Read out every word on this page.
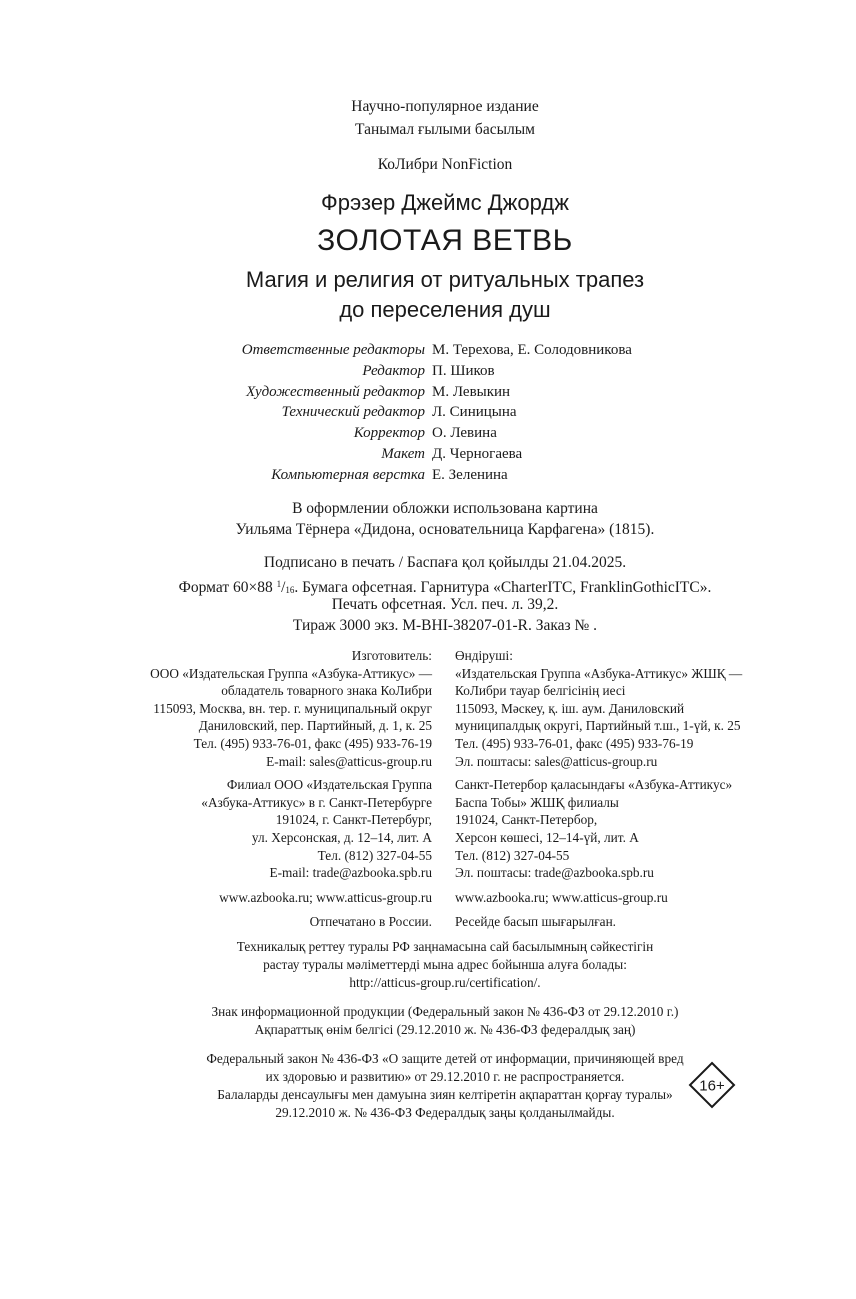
Научно-популярное издание
Танымал ғылыми басылым
КоЛибри NonFiction
Фрэзер Джеймс Джордж
ЗОЛОТАЯ ВЕТВЬ
Магия и религия от ритуальных трапез
до переселения душ
Ответственные редакторы М. Терехова, Е. Солодовникова
Редактор П. Шиков
Художественный редактор М. Левыкин
Технический редактор Л. Синицына
Корректор О. Левина
Макет Д. Черногаева
Компьютерная верстка Е. Зеленина
В оформлении обложки использована картина
Уильяма Тёрнера «Дидона, основательница Карфагена» (1815).
Подписано в печать / Баспаға қол қойылды 21.04.2025.
Формат 60×88 $^1/_{16}$. Бумага офсетная. Гарнитура «CharterITC, FranklinGothicITC».
Печать офсетная. Усл. печ. л. 39,2.
Тираж 3000 экз. М-BHI-38207-01-R. Заказ № .
Изготовитель:
ООО «Издательская Группа «Азбука-Аттикус» —
обладатель товарного знака КоЛибри
115093, Москва, вн. тер. г. муниципальный округ
Даниловский, пер. Партийный, д. 1, к. 25
Тел. (495) 933-76-01, факс (495) 933-76-19
E-mail: sales@atticus-group.ru
Филиал ООО «Издательская Группа
«Азбука-Аттикус» в г. Санкт-Петербурге
191024, г. Санкт-Петербург,
ул. Херсонская, д. 12–14, лит. А
Тел. (812) 327-04-55
E-mail: trade@azbooka.spb.ru
www.azbooka.ru; www.atticus-group.ru
Отпечатано в России.
Өндіруші:
«Издательская Группа «Азбука-Аттикус» ЖШҚ —
КоЛибри тауар белгісінің иесі
115093, Мәскеу, қ. іш. аум. Даниловский
муниципалдық округі, Партийный т.ш., 1-үй, к. 25
Тел. (495) 933-76-01, факс (495) 933-76-19
Эл. поштасы: sales@atticus-group.ru
Санкт-Петербор қаласындағы «Азбука-Аттикус»
Баспа Тобы» ЖШҚ филиалы
191024, Санкт-Петербор,
Херсон көшесі, 12–14-үй, лит. А
Тел. (812) 327-04-55
Эл. поштасы: trade@azbooka.spb.ru
www.azbooka.ru; www.atticus-group.ru
Ресейде басып шығарылған.
Техникалық реттеу туралы РФ заңнамасына сай басылымның сәйкестігін
растау туралы мәліметтерді мына адрес бойынша алуға болады:
http://atticus-group.ru/certification/.
Знак информационной продукции (Федеральный закон № 436-ФЗ от 29.12.2010 г.)
Ақпараттық өнім белгісі (29.12.2010 ж. № 436-ФЗ федералдық заң)
Федеральный закон № 436-ФЗ «О защите детей от информации, причиняющей вред
их здоровью и развитию» от 29.12.2010 г. не распространяется.
Балаларды денсаулығы мен дамуына зиян келтіретін ақпараттан қорғау туралы»
29.12.2010 ж. № 436-ФЗ Федералдық заңы қолданылмайды.
16+
